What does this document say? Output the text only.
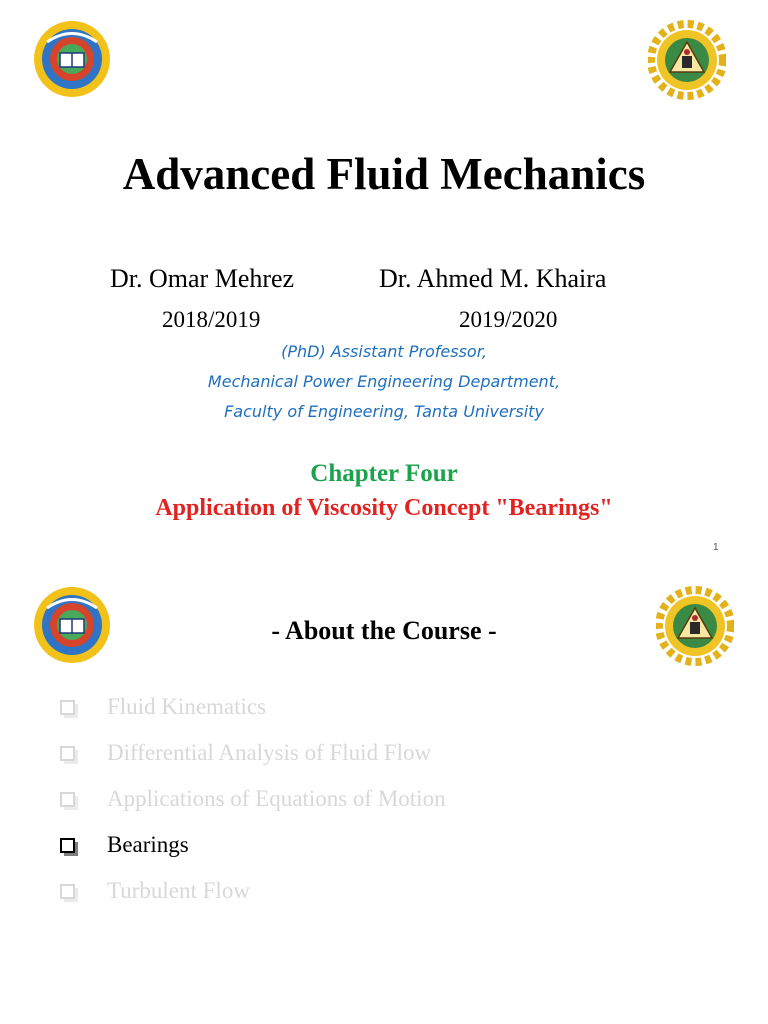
Advanced Fluid Mechanics
Dr. Omar Mehrez	Dr. Ahmed M. Khaira
2018/2019	2019/2020
(PhD) Assistant Professor,
Mechanical Power Engineering Department,
Faculty of Engineering, Tanta University
Chapter Four
Application of Viscosity Concept "Bearings"
1
- About the Course -
Fluid Kinematics
Differential Analysis of Fluid Flow
Applications of Equations of Motion
Bearings
Turbulent Flow
